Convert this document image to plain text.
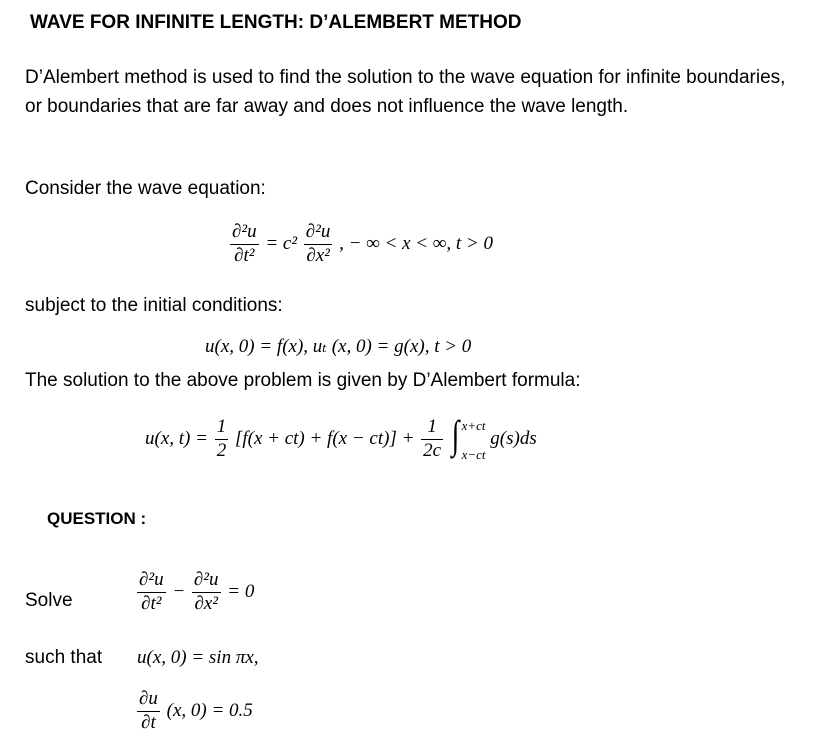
WAVE FOR INFINITE LENGTH: D’ALEMBERT METHOD
D’Alembert method is used to find the solution to the wave equation for infinite boundaries, or boundaries that are far away and does not influence the wave length.
Consider the wave equation:
$\frac{\text{∂²u}}{\text{∂t²}} = c^2 \frac{\text{∂²u}}{\text{∂x²}}$ , − ∞ < x < ∞, t > 0
subject to the initial conditions:
u(x, 0) = f(x), uₜ (x, 0) = g(x), t > 0
The solution to the above problem is given by D’Alembert formula:
u(x, $t) = \frac{1}{2} [f(x + ct) + f(x - ct)] + \frac{1}{2c}$ ∫ x+ct
x−ct
g(s)ds
QUESTION :
Solve	$\frac{\text{∂²u}}{\text{∂t²}} - \frac{\text{∂²u}}{\text{∂x²}} = 0$
such that u(x, 0) = sin πx,
$\frac{\partial u}{\partial t} (x$, 0) = 0.5
